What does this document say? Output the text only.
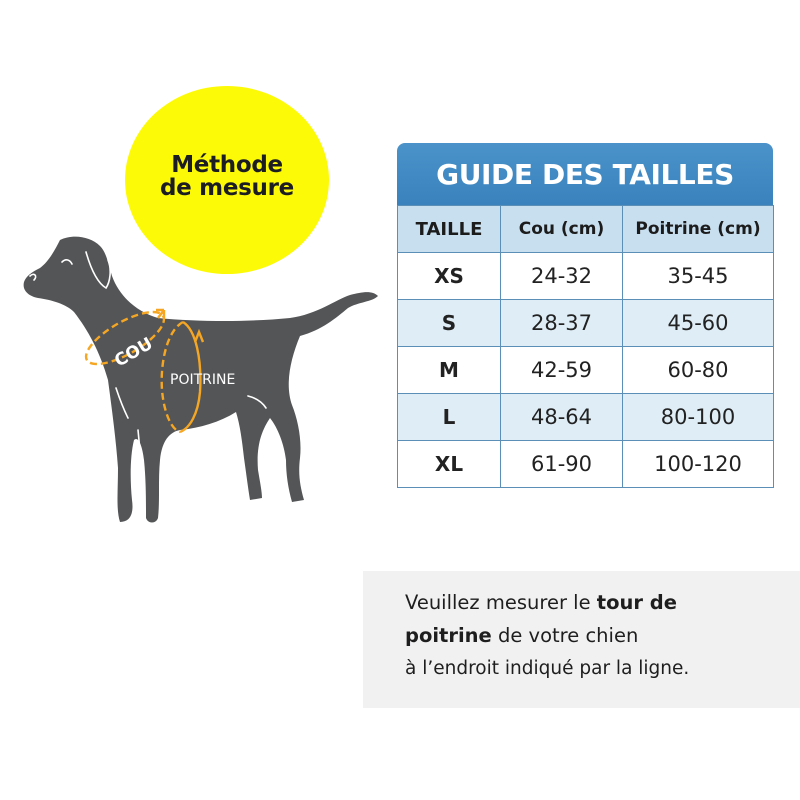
Méthode
de mesure
COU
POITRINE
GUIDE DES TAILLES
TAILLE	Cou (cm)	Poitrine (cm)
XS	24-32	35-45
S	28-37	45-60
M	42-59	60-80
L	48-64	80-100
XL	61-90	100-120
Veuillez mesurer le tour de
poitrine de votre chien
à l’endroit indiqué par la ligne.
